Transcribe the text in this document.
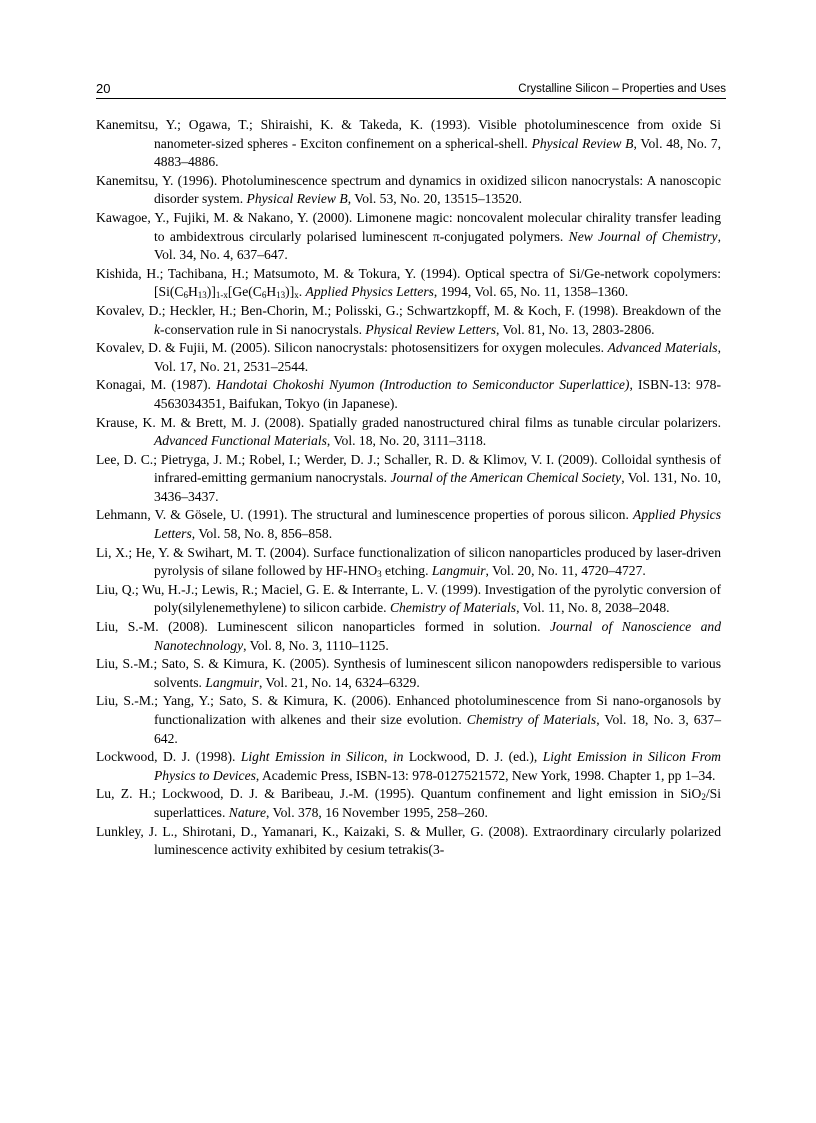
20	Crystalline Silicon – Properties and Uses

Kanemitsu, Y.; Ogawa, T.; Shiraishi, K. & Takeda, K. (1993). Visible photoluminescence from oxide Si nanometer-sized spheres - Exciton confinement on a spherical-shell. Physical Review B, Vol. 48, No. 7, 4883–4886.

Kanemitsu, Y. (1996). Photoluminescence spectrum and dynamics in oxidized silicon nanocrystals: A nanoscopic disorder system. Physical Review B, Vol. 53, No. 20, 13515–13520.

Kawagoe, Y., Fujiki, M. & Nakano, Y. (2000). Limonene magic: noncovalent molecular chirality transfer leading to ambidextrous circularly polarised luminescent π-conjugated polymers. New Journal of Chemistry, Vol. 34, No. 4, 637–647.

Kishida, H.; Tachibana, H.; Matsumoto, M. & Tokura, Y. (1994). Optical spectra of Si/Ge-network copolymers: $[Si(C_6H_{13})]_{1-x}[Ge(C_6H_{13})]_x$. Applied Physics Letters, 1994, Vol. 65, No. 11, 1358–1360.

Kovalev, D.; Heckler, H.; Ben-Chorin, M.; Polisski, G.; Schwartzkopff, M. & Koch, F. (1998). Breakdown of the k-conservation rule in Si nanocrystals. Physical Review Letters, Vol. 81, No. 13, 2803-2806.

Kovalev, D. & Fujii, M. (2005). Silicon nanocrystals: photosensitizers for oxygen molecules. Advanced Materials, Vol. 17, No. 21, 2531–2544.

Konagai, M. (1987). Handotai Chokoshi Nyumon (Introduction to Semiconductor Superlattice), ISBN-13: 978-4563034351, Baifukan, Tokyo (in Japanese).

Krause, K. M. & Brett, M. J. (2008). Spatially graded nanostructured chiral films as tunable circular polarizers. Advanced Functional Materials, Vol. 18, No. 20, 3111–3118.

Lee, D. C.; Pietryga, J. M.; Robel, I.; Werder, D. J.; Schaller, R. D. & Klimov, V. I. (2009). Colloidal synthesis of infrared-emitting germanium nanocrystals. Journal of the American Chemical Society, Vol. 131, No. 10, 3436–3437.

Lehmann, V. & Gösele, U. (1991). The structural and luminescence properties of porous silicon. Applied Physics Letters, Vol. 58, No. 8, 856–858.

Li, X.; He, Y. & Swihart, M. T. (2004). Surface functionalization of silicon nanoparticles produced by laser-driven pyrolysis of silane followed by $HF-HNO_3$ etching. Langmuir, Vol. 20, No. 11, 4720–4727.

Liu, Q.; Wu, H.-J.; Lewis, R.; Maciel, G. E. & Interrante, L. V. (1999). Investigation of the pyrolytic conversion of poly(silylenemethylene) to silicon carbide. Chemistry of Materials, Vol. 11, No. 8, 2038–2048.

Liu, S.-M. (2008). Luminescent silicon nanoparticles formed in solution. Journal of Nanoscience and Nanotechnology, Vol. 8, No. 3, 1110–1125.

Liu, S.-M.; Sato, S. & Kimura, K. (2005). Synthesis of luminescent silicon nanopowders redispersible to various solvents. Langmuir, Vol. 21, No. 14, 6324–6329.

Liu, S.-M.; Yang, Y.; Sato, S. & Kimura, K. (2006). Enhanced photoluminescence from Si nano-organosols by functionalization with alkenes and their size evolution. Chemistry of Materials, Vol. 18, No. 3, 637–642.

Lockwood, D. J. (1998). Light Emission in Silicon, in Lockwood, D. J. (ed.), Light Emission in Silicon From Physics to Devices, Academic Press, ISBN-13: 978-0127521572, New York, 1998. Chapter 1, pp 1–34.

Lu, Z. H.; Lockwood, D. J. & Baribeau, J.-M. (1995). Quantum confinement and light emission in SiO$_2$/Si superlattices. Nature, Vol. 378, 16 November 1995, 258–260.

Lunkley, J. L., Shirotani, D., Yamanari, K., Kaizaki, S. & Muller, G. (2008). Extraordinary circularly polarized luminescence activity exhibited by cesium tetrakis(3-
